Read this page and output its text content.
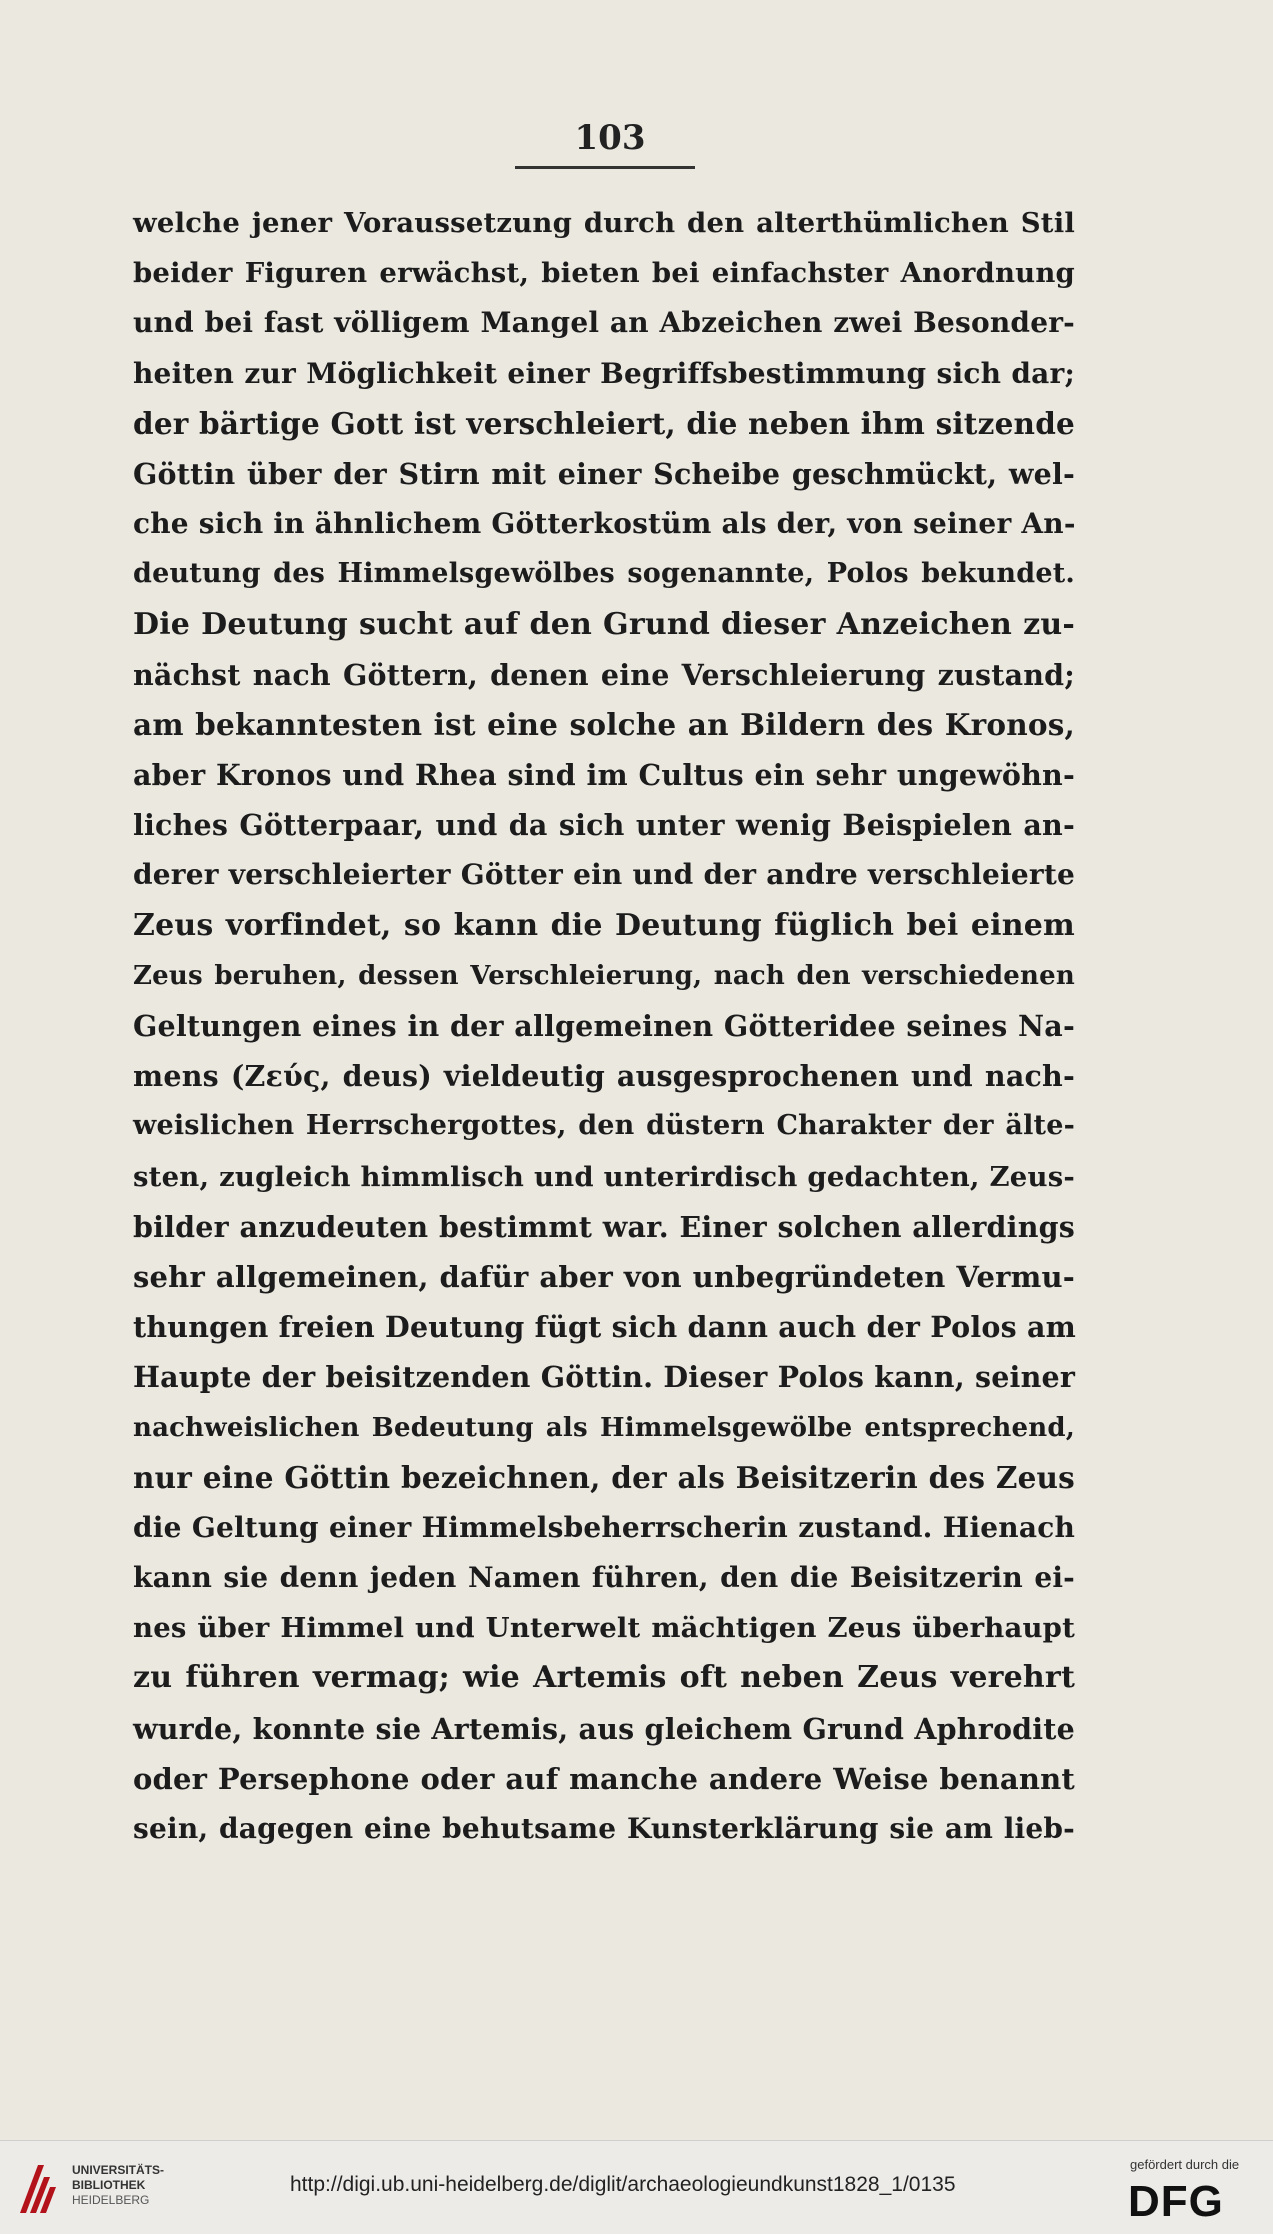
103
welche jener Voraussetzung durch den alterthümlichen Stil
beider Figuren erwächst, bieten bei einfachster Anordnung
und bei fast völligem Mangel an Abzeichen zwei Besonder-
heiten zur Möglichkeit einer Begriffsbestimmung sich dar;
der bärtige Gott ist verschleiert, die neben ihm sitzende
Göttin über der Stirn mit einer Scheibe geschmückt, wel-
che sich in ähnlichem Götterkostüm als der, von seiner An-
deutung des Himmelsgewölbes sogenannte, Polos bekundet.
Die Deutung sucht auf den Grund dieser Anzeichen zu-
nächst nach Göttern, denen eine Verschleierung zustand;
am bekanntesten ist eine solche an Bildern des Kronos,
aber Kronos und Rhea sind im Cultus ein sehr ungewöhn-
liches Götterpaar, und da sich unter wenig Beispielen an-
derer verschleierter Götter ein und der andre verschleierte
Zeus vorfindet, so kann die Deutung füglich bei einem
Zeus beruhen, dessen Verschleierung, nach den verschiedenen
Geltungen eines in der allgemeinen Götteridee seines Na-
mens (Ζεύς, deus) vieldeutig ausgesprochenen und nach-
weislichen Herrschergottes, den düstern Charakter der älte-
sten, zugleich himmlisch und unterirdisch gedachten, Zeus-
bilder anzudeuten bestimmt war. Einer solchen allerdings
sehr allgemeinen, dafür aber von unbegründeten Vermu-
thungen freien Deutung fügt sich dann auch der Polos am
Haupte der beisitzenden Göttin. Dieser Polos kann, seiner
nachweislichen Bedeutung als Himmelsgewölbe entsprechend,
nur eine Göttin bezeichnen, der als Beisitzerin des Zeus
die Geltung einer Himmelsbeherrscherin zustand. Hienach
kann sie denn jeden Namen führen, den die Beisitzerin ei-
nes über Himmel und Unterwelt mächtigen Zeus überhaupt
zu führen vermag; wie Artemis oft neben Zeus verehrt
wurde, konnte sie Artemis, aus gleichem Grund Aphrodite
oder Persephone oder auf manche andere Weise benannt
sein, dagegen eine behutsame Kunsterklärung sie am lieb-
UNIVERSITÄTS-
BIBLIOTHEK
HEIDELBERG
http://digi.ub.uni-heidelberg.de/diglit/archaeologieundkunst1828_1/0135
gefördert durch die
DFG
